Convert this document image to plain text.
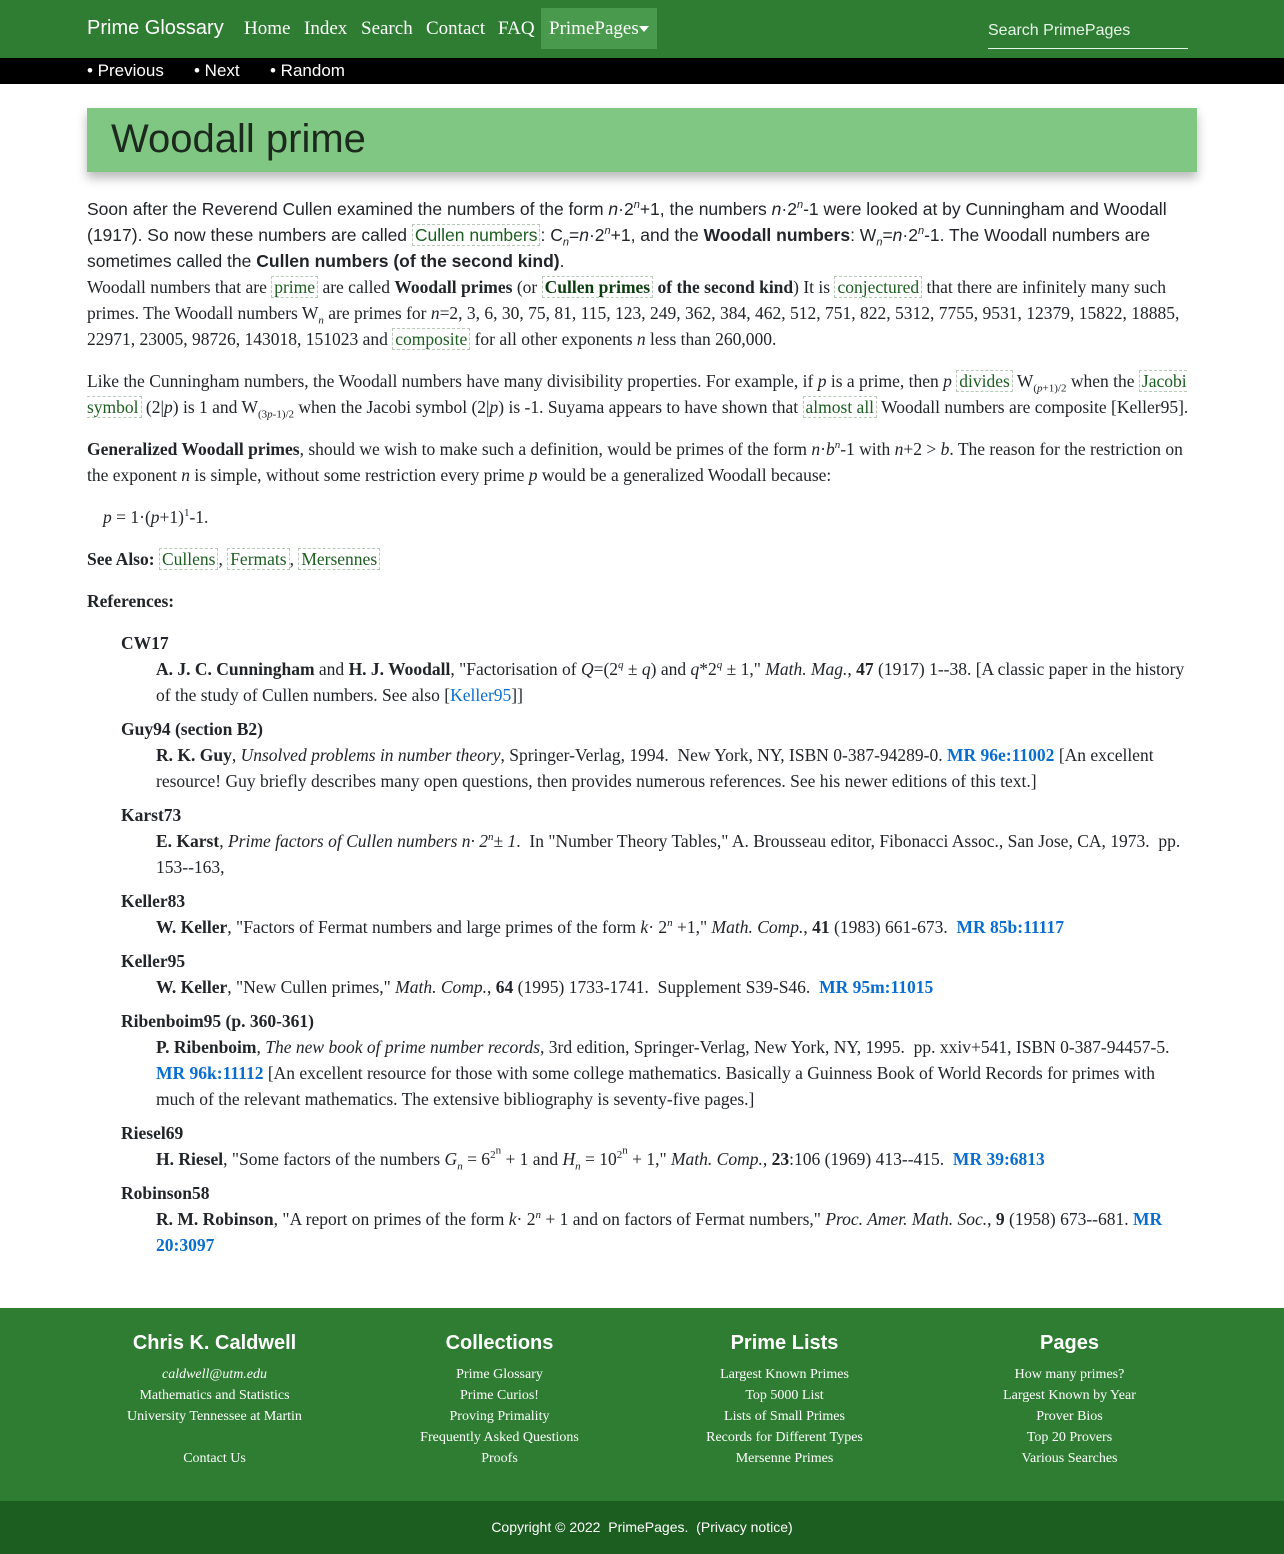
Prime Glossary Home Index Search Contact FAQ PrimePages
Search PrimePages
• Previous • Next • Random
Woodall prime

Soon after the Reverend Cullen examined the numbers of the form $n\cdot 2^n+1$, the numbers $n\cdot 2^n-1$ were looked at by Cunningham and Woodall (1917). So now these numbers are called Cullen numbers : $C_n=n\cdot 2^n+1$, and the Woodall numbers: $W_n=n\cdot 2^n-1$. The Woodall numbers are sometimes called the Cullen numbers (of the second kind).

Woodall numbers that are prime are called Woodall primes (or Cullen primes of the second kind) It is conjectured that there are infinitely many such primes. The Woodall numbers $W_n$ are primes for n=2, 3, 6, 30, 75, 81, 115, 123, 249, 362, 384, 462, 512, 751, 822, 5312, 7755, 9531, 12379, 15822, 18885, 22971, 23005, 98726, 143018, 151023 and composite for all other exponents n less than 260,000.

Like the Cunningham numbers, the Woodall numbers have many divisibility properties. For example, if p is a prime, then p divides $W_{(p+1)/2}$ when the Jacobi symbol (2|p) is 1 and $W_{(3p-1)/2}$ when the Jacobi symbol (2|p) is -1. Suyama appears to have shown that almost all Woodall numbers are composite [Keller95].

Generalized Woodall primes, should we wish to make such a definition, would be primes of the form $n\cdot b^n-1$ with n+2 > b. The reason for the restriction on the exponent n is simple, without some restriction every prime p would be a generalized Woodall because:

$p = 1\cdot(p+1)^1-1$.

See Also: Cullens , Fermats , Mersennes

References:

CW17
A. J. C. Cunningham and H. J. Woodall, "Factorisation of $Q=(2^q \pm q)$ and $q*2^q \pm 1$," Math. Mag., 47 (1917) 1--38. [A classic paper in the history of the study of Cullen numbers. See also [Keller95]]
Guy94 (section B2)
R. K. Guy, Unsolved problems in number theory, Springer-Verlag, 1994.  New York, NY, ISBN 0-387-94289-0. MR 96e:11002 [An excellent resource! Guy briefly describes many open questions, then provides numerous references. See his newer editions of this text.]
Karst73
E. Karst, Prime factors of Cullen numbers $n\cdot 2^n\pm 1$.  In "Number Theory Tables," A. Brousseau editor, Fibonacci Assoc., San Jose, CA, 1973.  pp. 153--163,
Keller83
W. Keller, "Factors of Fermat numbers and large primes of the form $k\cdot 2^n +1$," Math. Comp., 41 (1983) 661-673.  MR 85b:11117
Keller95
W. Keller, "New Cullen primes," Math. Comp., 64 (1995) 1733-1741.  Supplement S39-S46.  MR 95m:11015
Ribenboim95 (p. 360-361)
P. Ribenboim, The new book of prime number records, 3rd edition, Springer-Verlag, New York, NY, 1995.  pp. xxiv+541, ISBN 0-387-94457-5. MR 96k:11112 [An excellent resource for those with some college mathematics. Basically a Guinness Book of World Records for primes with much of the relevant mathematics. The extensive bibliography is seventy-five pages.]
Riesel69
H. Riesel, "Some factors of the numbers $G_n = 6^{2^n} + 1$ and $H_n = 10^{2^n} + 1$," Math. Comp., 23:106 (1969) 413--415.  MR 39:6813
Robinson58
R. M. Robinson, "A report on primes of the form $k\cdot 2^n + 1$ and on factors of Fermat numbers," Proc. Amer. Math. Soc., 9 (1958) 673--681. MR 20:3097
Chris K. Caldwell
caldwell@utm.edu
Mathematics and Statistics
University Tennessee at Martin

Contact Us
Collections
Prime Glossary
Prime Curios!
Proving Primality
Frequently Asked Questions
Proofs
Prime Lists
Largest Known Primes
Top 5000 List
Lists of Small Primes
Records for Different Types
Mersenne Primes
Pages
How many primes?
Largest Known by Year
Prover Bios
Top 20 Provers
Various Searches
Copyright © 2022 PrimePages.  (Privacy notice)
